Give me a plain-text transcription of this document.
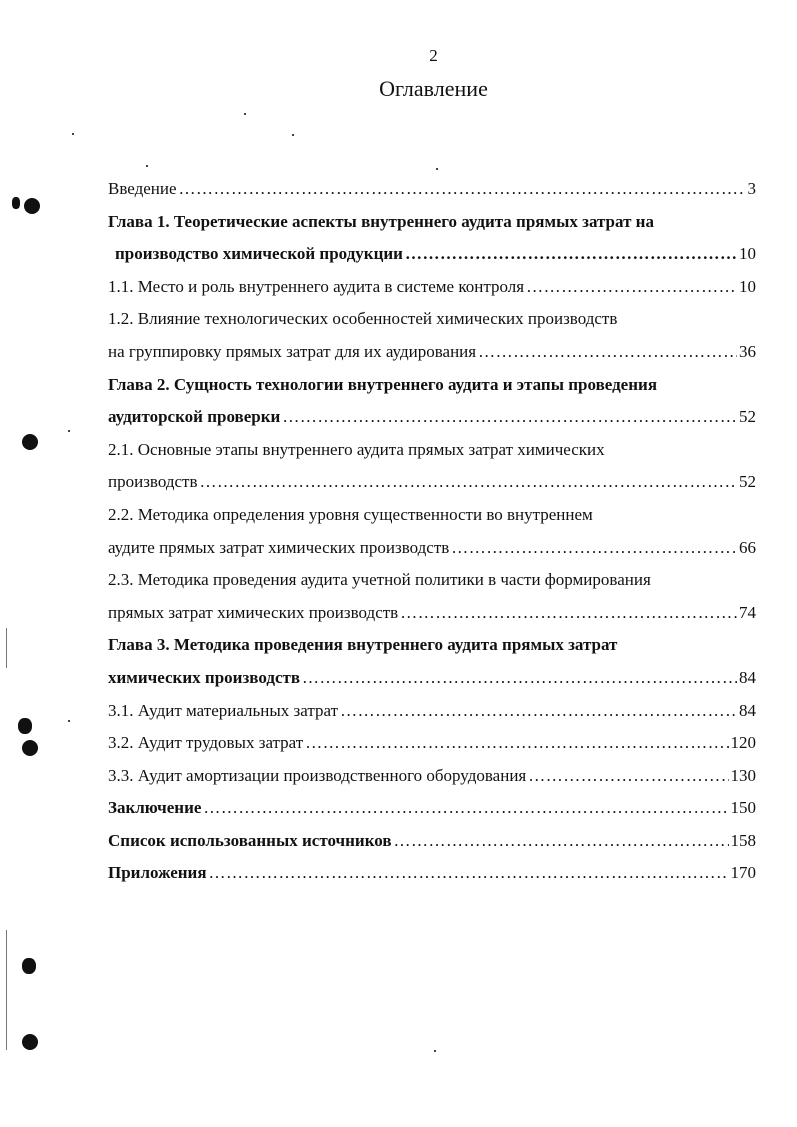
2
Оглавление
Введение …………………………………………………………………………………………………………………………………………………………………………………………………	3
Глава 1. Теоретические аспекты внутреннего аудита прямых затрат на
производство химической продукции …………………………………………………………………………………………………………………………………………………………………………………………………	10
1.1. Место и роль внутреннего аудита в системе контроля …………………………………………………………………………………………………………………………………………………………………………………………………	10
1.2. Влияние технологических особенностей химических производств
на группировку прямых затрат для их аудирования …………………………………………………………………………………………………………………………………………………………………………………………………	36
Глава 2. Сущность технологии внутреннего аудита и этапы проведения
аудиторской проверки …………………………………………………………………………………………………………………………………………………………………………………………………	52
2.1. Основные этапы внутреннего аудита прямых затрат химических
производств …………………………………………………………………………………………………………………………………………………………………………………………………	52
2.2. Методика определения уровня существенности во внутреннем
аудите прямых затрат химических производств …………………………………………………………………………………………………………………………………………………………………………………………………	66
2.3. Методика проведения аудита учетной политики в части формирования
прямых затрат химических производств …………………………………………………………………………………………………………………………………………………………………………………………………	74
Глава 3. Методика проведения внутреннего аудита прямых затрат
химических производств …………………………………………………………………………………………………………………………………………………………………………………………………	84
3.1. Аудит материальных затрат …………………………………………………………………………………………………………………………………………………………………………………………………	84
3.2. Аудит трудовых затрат …………………………………………………………………………………………………………………………………………………………………………………………………	120
3.3. Аудит амортизации производственного оборудования …………………………………………………………………………………………………………………………………………………………………………………………………	130
Заключение …………………………………………………………………………………………………………………………………………………………………………………………………	150
Список использованных источников …………………………………………………………………………………………………………………………………………………………………………………………………	158
Приложения …………………………………………………………………………………………………………………………………………………………………………………………………	170
